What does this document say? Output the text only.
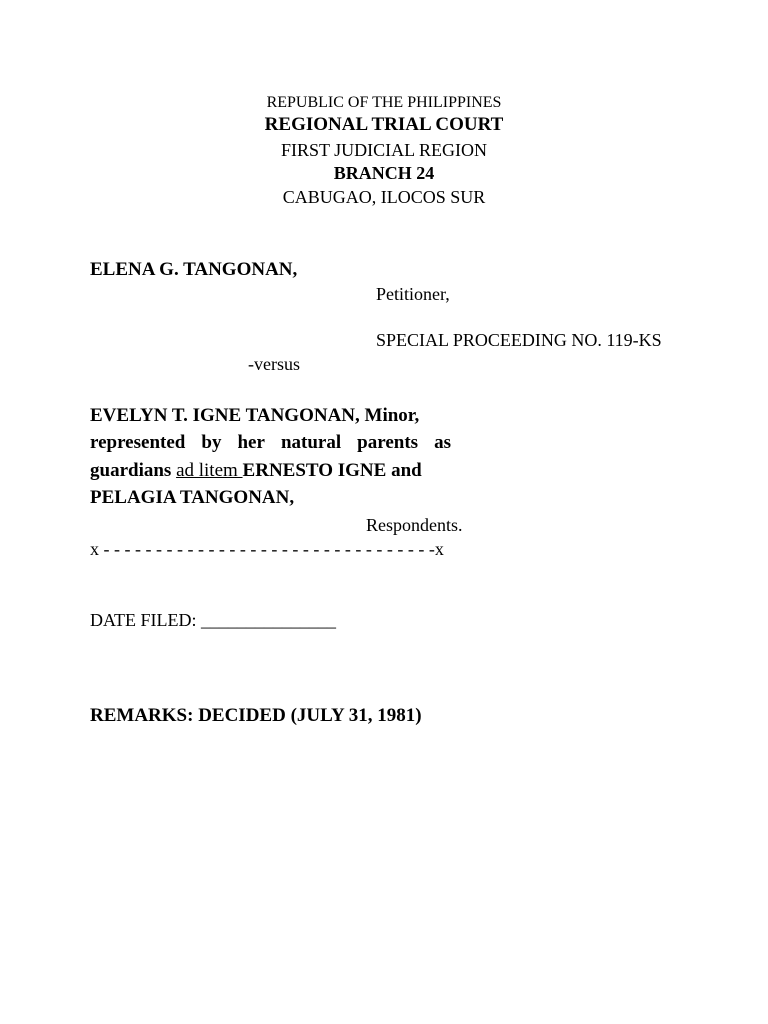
REPUBLIC OF THE PHILIPPINES
REGIONAL TRIAL COURT
FIRST JUDICIAL REGION
BRANCH 24
CABUGAO, ILOCOS SUR
ELENA G. TANGONAN,
Petitioner,
SPECIAL PROCEEDING NO. 119-KS
-versus
EVELYN T. IGNE TANGONAN, Minor,
represented by her natural parents as
guardians ad litem ERNESTO IGNE and
PELAGIA TANGONAN,
Respondents.
x - - - - - - - - - - - - - - - - - - - - - - - - - - - - - - - -x
DATE FILED: _______________
REMARKS: DECIDED (JULY 31, 1981)
